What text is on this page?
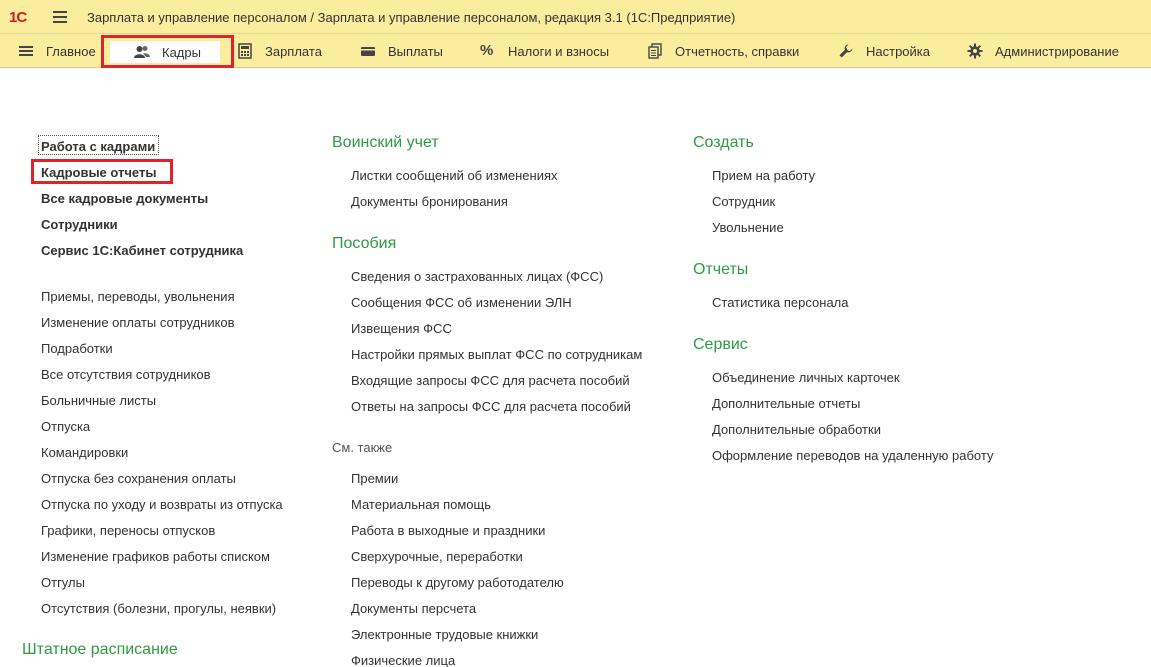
1С	Зарплата и управление персоналом / Зарплата и управление персоналом, редакция 3.1 (1С:Предприятие)
Главное	Кадры	Зарплата	Выплаты % Налоги и взносы	Отчетность, справки	Настройка	Администрирование
Работа с кадрами
Кадровые отчеты
Все кадровые документы
Сотрудники
Сервис 1С:Кабинет сотрудника
Приемы, переводы, увольнения
Изменение оплаты сотрудников
Подработки
Все отсутствия сотрудников
Больничные листы
Отпуска
Командировки
Отпуска без сохранения оплаты
Отпуска по уходу и возвраты из отпуска
Графики, переносы отпусков
Изменение графиков работы списком
Отгулы
Отсутствия (болезни, прогулы, неявки)
Штатное расписание
Воинский учет
Листки сообщений об изменениях
Документы бронирования
Пособия
Сведения о застрахованных лицах (ФСС)
Сообщения ФСС об изменении ЭЛН
Извещения ФСС
Настройки прямых выплат ФСС по сотрудникам
Входящие запросы ФСС для расчета пособий
Ответы на запросы ФСС для расчета пособий
См. также
Премии
Материальная помощь
Работа в выходные и праздники
Сверхурочные, переработки
Переводы к другому работодателю
Документы персчета
Электронные трудовые книжки
Физические лица
Создать
Прием на работу
Сотрудник
Увольнение
Отчеты
Статистика персонала
Сервис
Объединение личных карточек
Дополнительные отчеты
Дополнительные обработки
Оформление переводов на удаленную работу
